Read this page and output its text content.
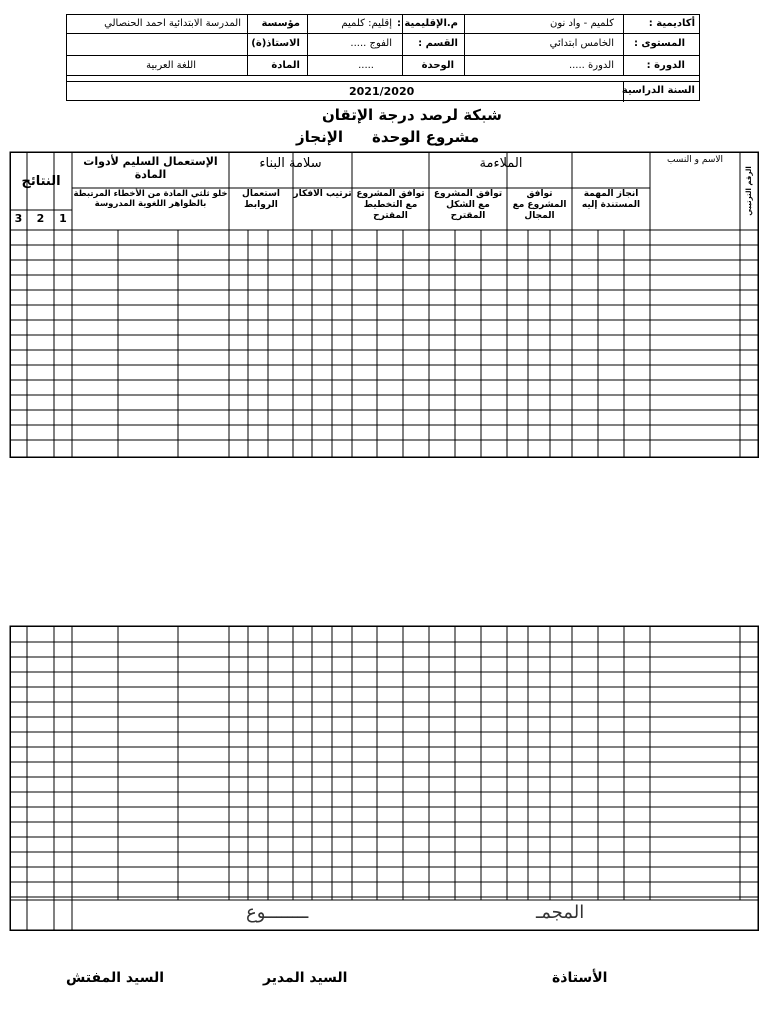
أكاديمية :
كلميم - واد نون
م.الإقليمية :
إقليم: كلميم
مؤسسة
المدرسة الابتدائية احمد الحنصالي
المستوى :
الخامس ابتدائي
القسم :
الفوج .....
الاستاذ(ة)
الدورة :
الدورة .....
الوحدة
.....
المادة
اللغة العربية
السنة الدراسية
2021/2020
شبكة لرصد درجة الإتقان
مشروع الوحدة
الإنجاز
الرقم الترتيبي
الاسم و النسب
الملاءمة
انجاز المهمة المستندة إليه
توافق المشروع مع المجال
توافق المشروع مع الشكل المقترح
توافق المشروع مع التخطيط المقترح
سلامة البناء
ترتيب الافكار
استعمال الروابط
الإستعمال السليم لأدوات المادة
خلو ثلثي المادة من الأخطاء المرتبطة بالظواهر اللغوية المدروسة
النتائج
1
2
3
المجمـ
ــــــــوع
الأستاذة
السيد المدير
السيد المفتش
